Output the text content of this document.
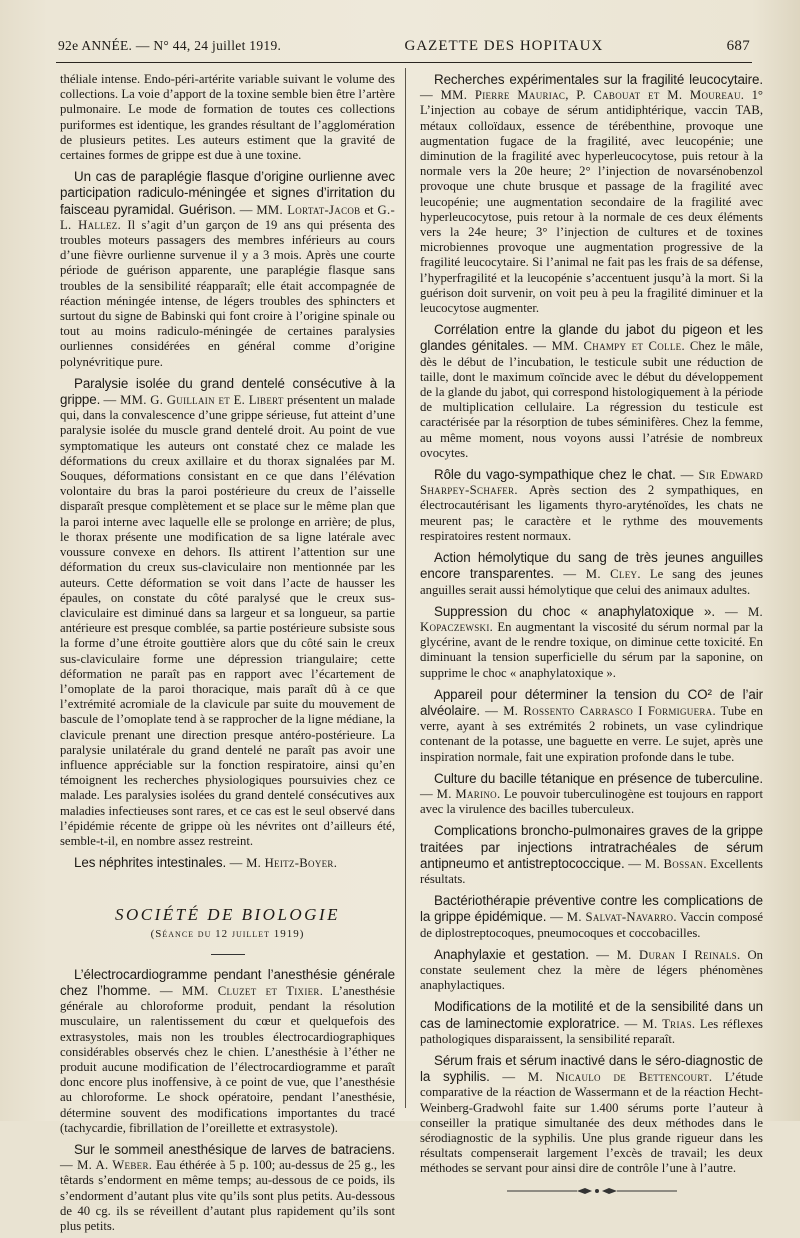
92e ANNÉE. — N° 44, 24 juillet 1919.	GAZETTE DES HOPITAUX	687

théliale intense. Endo-péri-artérite variable suivant le volume des collections. La voie d’apport de la toxine semble bien être l’artère pulmonaire. Le mode de formation de toutes ces collections puriformes est identique, les grandes résultant de l’agglomération de plusieurs petites. Les auteurs estiment que la gravité de certaines formes de grippe est due à une toxine.

Un cas de paraplégie flasque d’origine ourlienne avec participation radiculo-méningée et signes d’irritation du faisceau pyramidal. Guérison. — MM. Lortat-Jacob et G.-L. Hallez. Il s’agit d’un garçon de 19 ans qui présenta des troubles moteurs passagers des membres inférieurs au cours d’une fièvre ourlienne survenue il y a 3 mois. Après une courte période de guérison apparente, une paraplégie flasque sans troubles de la sensibilité réapparaît; elle était accompagnée de réaction méningée intense, de légers troubles des sphincters et surtout du signe de Babinski qui font croire à l’origine spinale ou tout au moins radiculo-méningée de certaines paralysies ourliennes considérées en général comme d’origine polynévritique pure.

Paralysie isolée du grand dentelé consécutive à la grippe. — MM. G. Guillain et E. Libert présentent un malade qui, dans la convalescence d’une grippe sérieuse, fut atteint d’une paralysie isolée du muscle grand dentelé droit. Au point de vue symptomatique les auteurs ont constaté chez ce malade les déformations du creux axillaire et du thorax signalées par M. Souques, déformations consistant en ce que dans l’élévation volontaire du bras la paroi postérieure du creux de l’aisselle disparaît presque complètement et se place sur le même plan que la paroi interne avec laquelle elle se prolonge en arrière; de plus, le thorax présente une modification de sa ligne latérale avec voussure convexe en dehors. Ils attirent l’attention sur une déformation du creux sus-claviculaire non mentionnée par les auteurs. Cette déformation se voit dans l’acte de hausser les épaules, on constate du côté paralysé que le creux sus-claviculaire est diminué dans sa largeur et sa longueur, sa partie antérieure est presque comblée, sa partie postérieure subsiste sous la forme d’une étroite gouttière alors que du côté sain le creux sus-claviculaire forme une dépression triangulaire; cette déformation ne paraît pas en rapport avec l’écartement de l’omoplate de la paroi thoracique, mais paraît dû à ce que l’extrémité acromiale de la clavicule par suite du mouvement de bascule de l’omoplate tend à se rapprocher de la ligne médiane, la clavicule prenant une direction presque antéro-postérieure. La paralysie unilatérale du grand dentelé ne paraît pas avoir une influence appréciable sur la fonction respiratoire, ainsi qu’en témoignent les recherches physiologiques poursuivies chez ce malade. Les paralysies isolées du grand dentelé consécutives aux maladies infectieuses sont rares, et ce cas est le seul observé dans l’épidémie récente de grippe où les névrites ont d’ailleurs été, semble-t-il, en nombre assez restreint.

Les néphrites intestinales. — M. Heitz-Boyer.

SOCIÉTÉ DE BIOLOGIE
(Séance du 12 juillet 1919)

L’électrocardiogramme pendant l’anesthésie générale chez l’homme. — MM. Cluzet et Tixier. L’anesthésie générale au chloroforme produit, pendant la résolution musculaire, un ralentissement du cœur et quelquefois des extrasystoles, mais non les troubles électrocardiographiques considérables observés chez le chien. L’anesthésie à l’éther ne produit aucune modification de l’électrocardiogramme et paraît donc encore plus inoffensive, à ce point de vue, que l’anesthésie au chloroforme. Le shock opératoire, pendant l’anesthésie, détermine souvent des modifications importantes du tracé (tachycardie, fibrillation de l’oreillette et extrasystole).

Sur le sommeil anesthésique de larves de batraciens. — M. A. Weber. Eau éthérée à 5 p. 100; au-dessus de 25 g., les têtards s’endorment en même temps; au-dessous de ce poids, ils s’endorment d’autant plus vite qu’ils sont plus petits. Au-dessous de 40 cg. ils se réveillent d’autant plus rapidement qu’ils sont plus petits.

Recherches expérimentales sur la fragilité leucocytaire. — MM. Pierre Mauriac, P. Cabouat et M. Moureau. 1° L’injection au cobaye de sérum antidiphtérique, vaccin TAB, métaux colloïdaux, essence de térébenthine, provoque une augmentation fugace de la fragilité, avec leucopénie; une diminution de la fragilité avec hyperleucocytose, puis retour à la normale vers la 20e heure; 2° l’injection de novarsénobenzol provoque une chute brusque et passage de la fragilité avec leucopénie; une augmentation secondaire de la fragilité avec hyperleucocytose, puis retour à la normale de ces deux éléments vers la 24e heure; 3° l’injection de cultures et de toxines microbiennes provoque une augmentation progressive de la fragilité leucocytaire. Si l’animal ne fait pas les frais de sa défense, l’hyperfragilité et la leucopénie s’accentuent jusqu’à la mort. Si la guérison doit survenir, on voit peu à peu la fragilité diminuer et la leucocytose augmenter.

Corrélation entre la glande du jabot du pigeon et les glandes génitales. — MM. Champy et Colle. Chez le mâle, dès le début de l’incubation, le testicule subit une réduction de taille, dont le maximum coïncide avec le début du développement de la glande du jabot, qui correspond histologiquement à la période de multiplication cellulaire. La régression du testicule est caractérisée par la résorption de tubes séminifères. Chez la femme, au même moment, nous voyons aussi l’atrésie de nombreux ovocytes.

Rôle du vago-sympathique chez le chat. — Sir Edward Sharpey-Schafer. Après section des 2 sympathiques, en électrocautérisant les ligaments thyro-aryténoïdes, les chats ne meurent pas; le caractère et le rythme des mouvements respiratoires restent normaux.

Action hémolytique du sang de très jeunes anguilles encore transparentes. — M. Cley. Le sang des jeunes anguilles serait aussi hémolytique que celui des animaux adultes.

Suppression du choc « anaphylatoxique ». — M. Kopaczewski. En augmentant la viscosité du sérum normal par la glycérine, avant de le rendre toxique, on diminue cette toxicité. En diminuant la tension superficielle du sérum par la saponine, on supprime le choc « anaphylatoxique ».

Appareil pour déterminer la tension du CO² de l’air alvéolaire. — M. Rossento Carrasco I Formiguera. Tube en verre, ayant à ses extrémités 2 robinets, un vase cylindrique contenant de la potasse, une baguette en verre. Le sujet, après une inspiration normale, fait une expiration profonde dans le tube.

Culture du bacille tétanique en présence de tuberculine. — M. Marino. Le pouvoir tuberculinogène est toujours en rapport avec la virulence des bacilles tuberculeux.

Complications broncho-pulmonaires graves de la grippe traitées par injections intratrachéales de sérum antipneumo et antistreptococcique. — M. Bossan. Excellents résultats.

Bactériothérapie préventive contre les complications de la grippe épidémique. — M. Salvat-Navarro. Vaccin composé de diplostreptocoques, pneumocoques et coccobacilles.

Anaphylaxie et gestation. — M. Duran I Reinals. On constate seulement chez la mère de légers phénomènes anaphylactiques.

Modifications de la motilité et de la sensibilité dans un cas de laminectomie exploratrice. — M. Trias. Les réflexes pathologiques disparaissent, la sensibilité reparaît.

Sérum frais et sérum inactivé dans le séro-diagnostic de la syphilis. — M. Nicaulo de Bettencourt. L’étude comparative de la réaction de Wassermann et de la réaction Hecht-Weinberg-Gradwohl faite sur 1.400 sérums porte l’auteur à conseiller la pratique simultanée des deux méthodes dans le sérodiagnostic de la syphilis. Une plus grande rigueur dans les résultats compenserait largement l’excès de travail; les deux méthodes se servant pour ainsi dire de contrôle l’une à l’autre.
